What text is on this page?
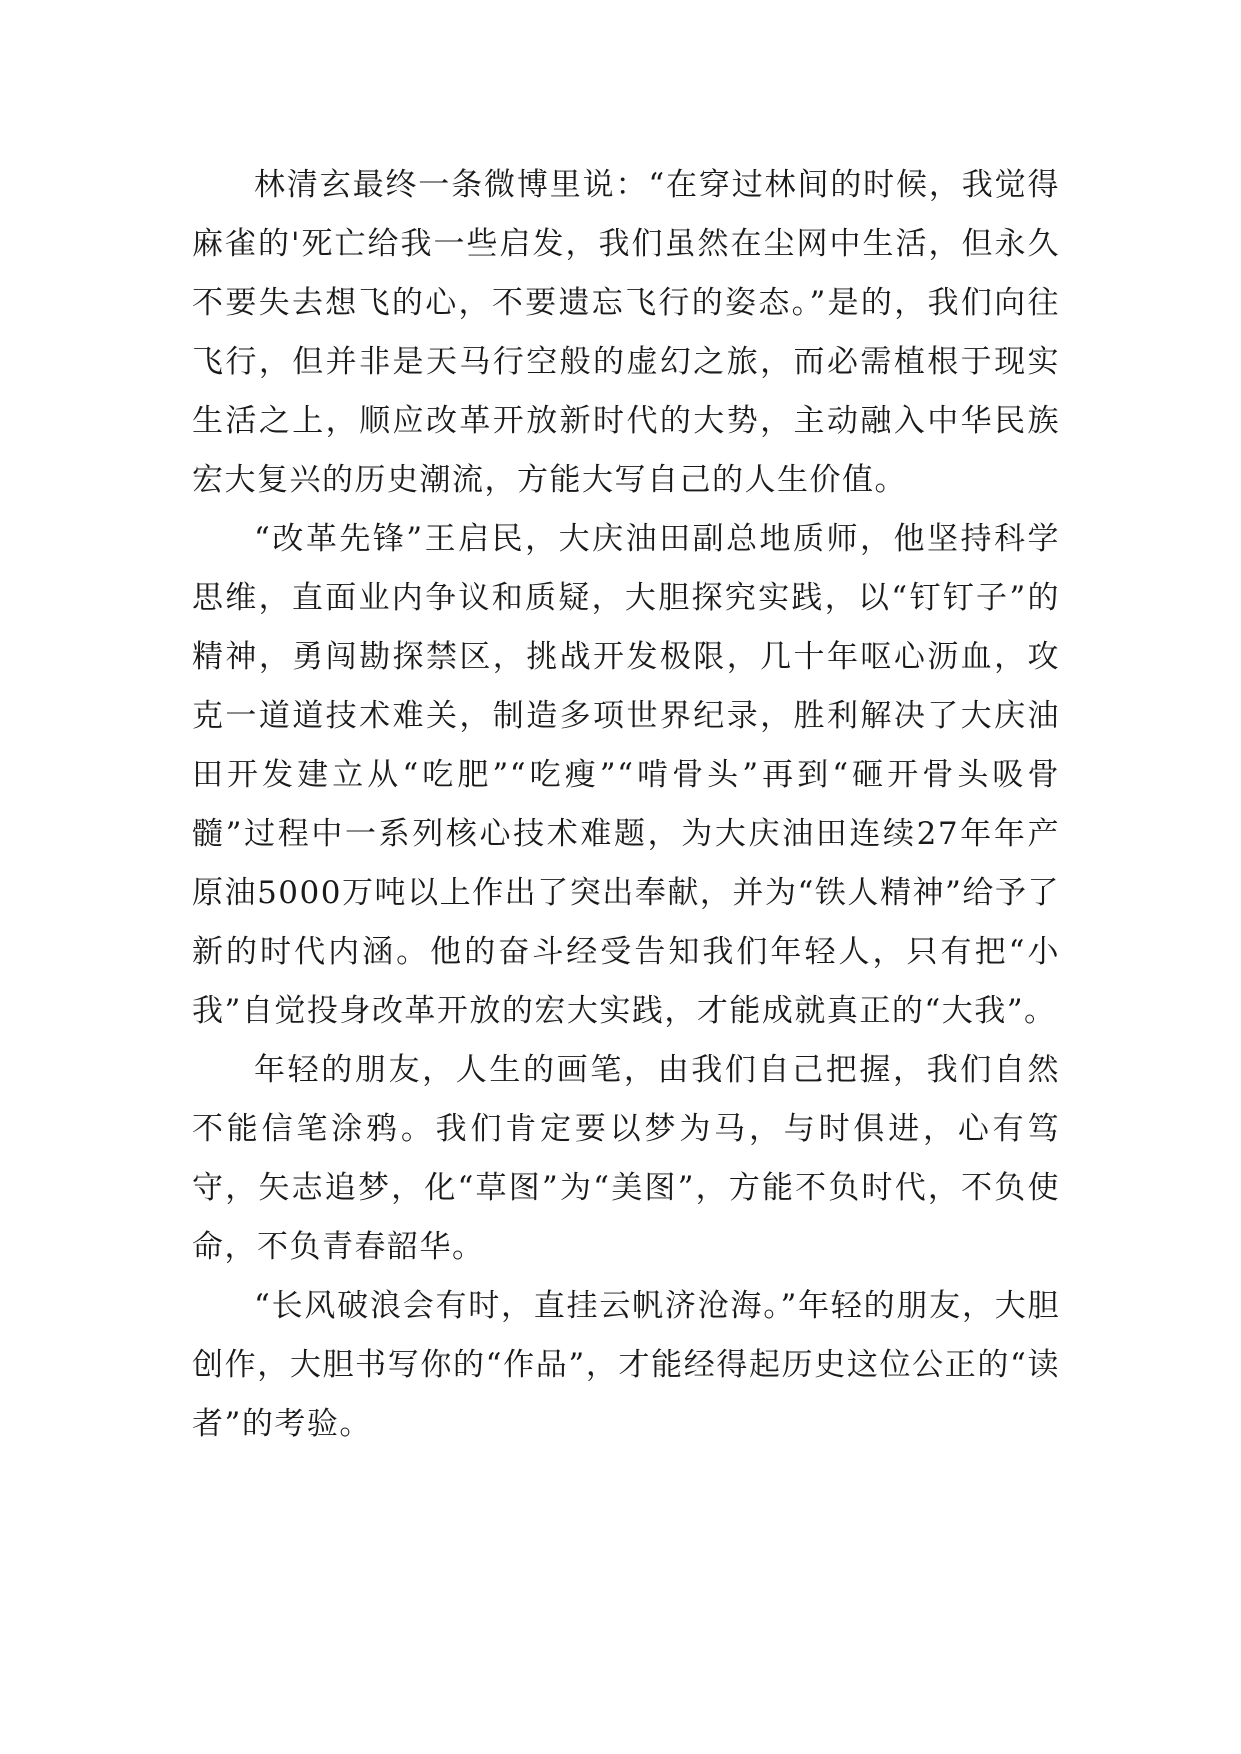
林清玄最终一条微博里说：“在穿过林间的时候，我觉得麻雀的'死亡给我一些启发，我们虽然在尘网中生活，但永久不要失去想飞的心，不要遗忘飞行的姿态。”是的，我们向往飞行，但并非是天马行空般的虚幻之旅，而必需植根于现实生活之上，顺应改革开放新时代的大势，主动融入中华民族宏大复兴的历史潮流，方能大写自己的人生价值。

“改革先锋”王启民，大庆油田副总地质师，他坚持科学思维，直面业内争议和质疑，大胆探究实践，以“钉钉子”的精神，勇闯勘探禁区，挑战开发极限，几十年呕心沥血，攻克一道道技术难关，制造多项世界纪录，胜利解决了大庆油田开发建立从“吃肥”“吃瘦”“啃骨头”再到“砸开骨头吸骨髓”过程中一系列核心技术难题，为大庆油田连续27年年产原油5000万吨以上作出了突出奉献，并为“铁人精神”给予了新的时代内涵。他的奋斗经受告知我们年轻人，只有把“小我”自觉投身改革开放的宏大实践，才能成就真正的“大我”。

年轻的朋友，人生的画笔，由我们自己把握，我们自然不能信笔涂鸦。我们肯定要以梦为马，与时俱进，心有笃守，矢志追梦，化“草图”为“美图”，方能不负时代，不负使命，不负青春韶华。

“长风破浪会有时，直挂云帆济沧海。”年轻的朋友，大胆创作，大胆书写你的“作品”，才能经得起历史这位公正的“读者”的考验。
